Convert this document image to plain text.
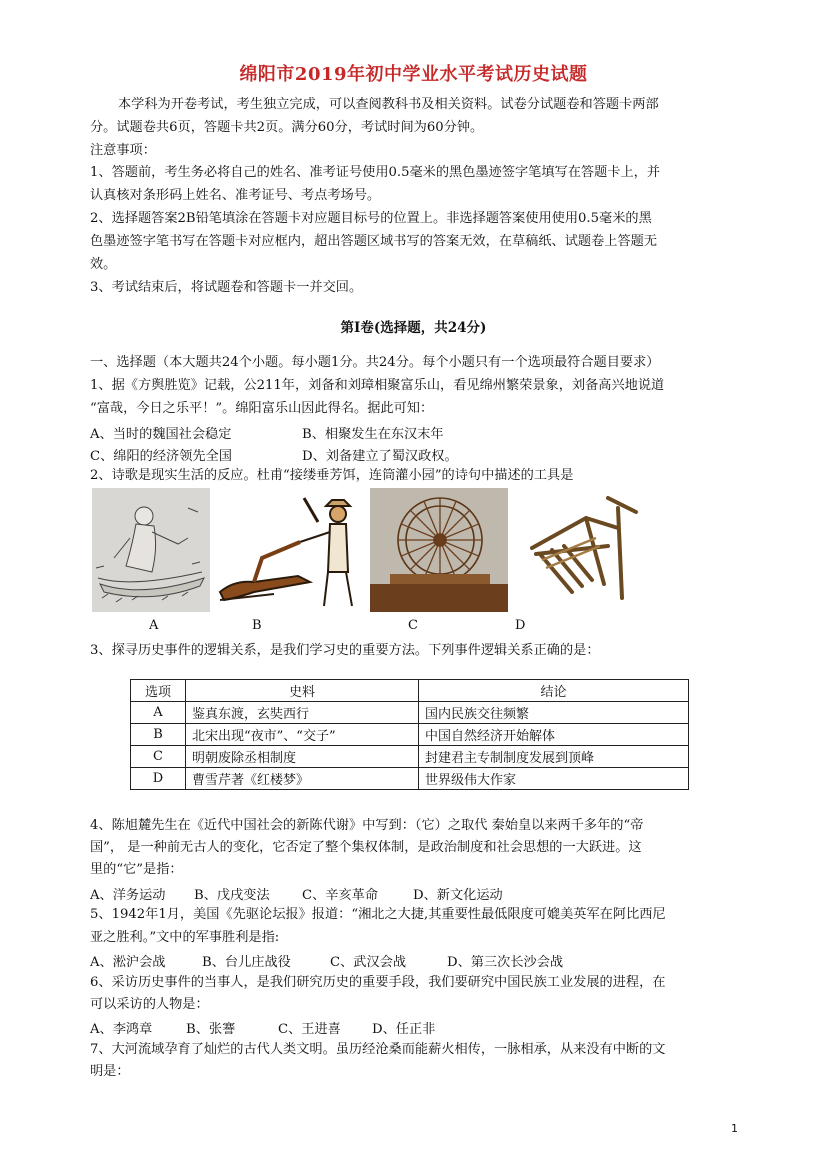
绵阳市2019年初中学业水平考试历史试题
本学科为开卷考试，考生独立完成，可以查阅教科书及相关资料。试卷分试题卷和答题卡两部
分。试题卷共6页，答题卡共2页。满分60分，考试时间为60分钟。
注意事项：
1、答题前，考生务必将自己的姓名、准考证号使用0.5毫米的黑色墨迹签字笔填写在答题卡上，并
认真核对条形码上姓名、准考证号、考点考场号。
2、选择题答案2B铅笔填涂在答题卡对应题目标号的位置上。非选择题答案使用使用0.5毫米的黑
色墨迹签字笔书写在答题卡对应框内，超出答题区域书写的答案无效，在草稿纸、试题卷上答题无
效。
3、考试结束后，将试题卷和答题卡一并交回。
第Ⅰ卷(选择题，共24分)
一、选择题（本大题共24个小题。每小题1分。共24分。每个小题只有一个选项最符合题目要求）
1、据《方舆胜览》记载，公211年，刘备和刘璋相聚富乐山，看见绵州繁荣景象，刘备高兴地说道
“富哉，今日之乐平！”。绵阳富乐山因此得名。据此可知：
A、当时的魏国社会稳定	B、相聚发生在东汉末年
C、绵阳的经济领先全国	D、刘备建立了蜀汉政权。
2、诗歌是现实生活的反应。杜甫“接缕垂芳饵，连筒灌小园”的诗句中描述的工具是
A	B	C	D
3、探寻历史事件的逻辑关系，是我们学习史的重要方法。下列事件逻辑关系正确的是：
选项	史料	结论
A	鉴真东渡，玄奘西行	国内民族交往频繁
B	北宋出现“夜市”、“交子”	中国自然经济开始解体
C	明朝废除丞相制度	封建君主专制制度发展到顶峰
D	曹雪芹著《红楼梦》	世界级伟大作家
4、陈旭麓先生在《近代中国社会的新陈代谢》中写到：（它）之取代 秦始皇以来两千多年的“帝
国”， 是一种前无古人的变化，它否定了整个集权体制，是政治制度和社会思想的一大跃进。这
里的“它”是指：
A、洋务运动 B、戊戌变法 C、辛亥革命	D、新文化运动
5、1942年1月，美国《先驱论坛报》报道：“湘北之大捷,其重要性最低限度可媲美英军在阿比西尼
亚之胜利。”文中的军事胜利是指:
A、淞沪会战	B、台儿庄战役	C、武汉会战	D、第三次长沙会战
6、采访历史事件的当事人，是我们研究历史的重要手段，我们要研究中国民族工业发展的进程，在
可以采访的人物是：
A、李鸿章	B、张謇	C、王进喜 D、任正非
7、大河流域孕育了灿烂的古代人类文明。虽历经沧桑而能薪火相传，一脉相承，从来没有中断的文
明是：
1
